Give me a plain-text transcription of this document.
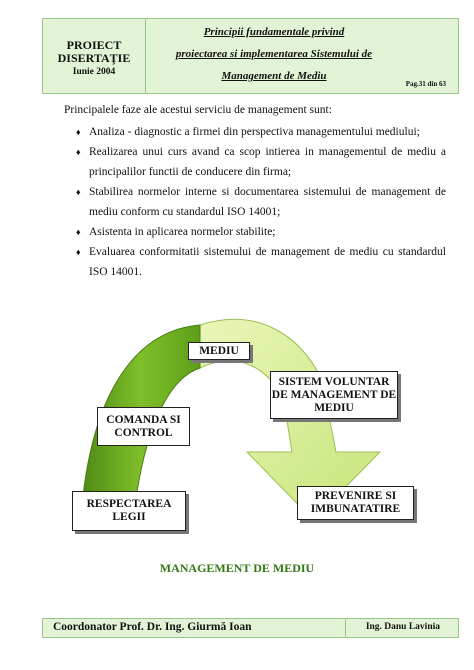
PROIECT
DISERTAŢIE
Iunie 2004
Principii fundamentale privind
proiectarea si implementarea Sistemului de
Management de Mediu
Pag.31 din 63

Principalele faze ale acestui serviciu de management sunt:

♦ Analiza - diagnostic a firmei din perspectiva managementului mediului;
♦ Realizarea unui curs avand ca scop intierea in managementul de mediu a principalilor functii de conducere din firma;
♦ Stabilirea normelor interne si documentarea sistemului de management de mediu conform cu standardul ISO 14001;
♦ Asistenta in aplicarea normelor stabilite;
♦ Evaluarea conformitatii sistemului de management de mediu cu standardul ISO 14001.
MEDIU
SISTEM VOLUNTAR DE MANAGEMENT DE MEDIU
COMANDA SI CONTROL
RESPECTAREA LEGII
PREVENIRE SI IMBUNATATIRE
MANAGEMENT DE MEDIU
Coordonator Prof. Dr. Ing. Giurmă Ioan	Ing. Danu Lavinia
